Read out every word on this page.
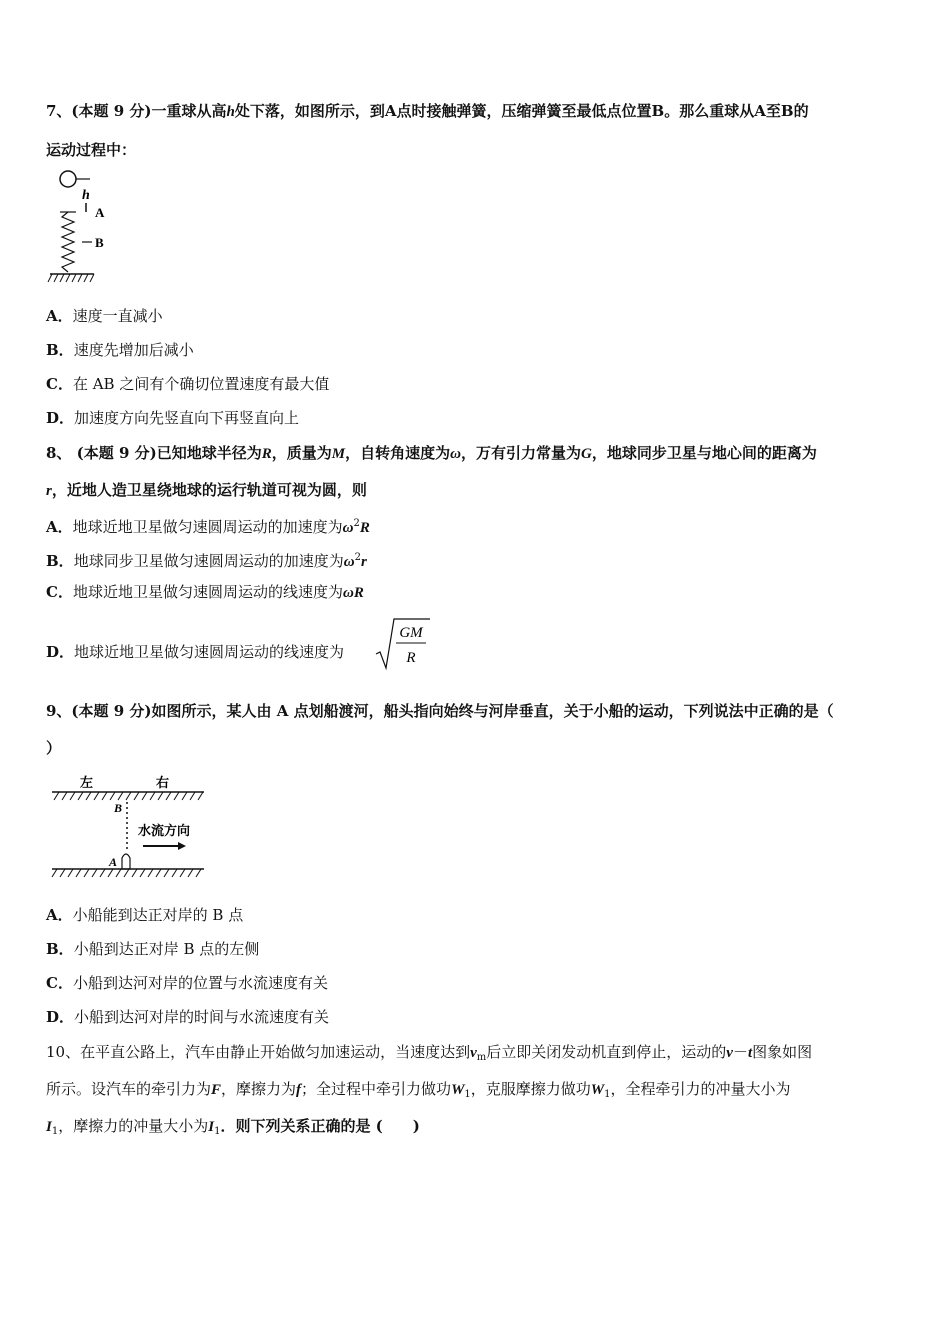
7、(本题 9 分)一重球从高h处下落，如图所示，到A点时接触弹簧，压缩弹簧至最低点位置B。那么重球从A至B的
运动过程中：
h
A
B
A．速度一直减小
B．速度先增加后减小
C．在 AB 之间有个确切位置速度有最大值
D．加速度方向先竖直向下再竖直向上
8、 (本题 9 分)已知地球半径为R，质量为M，自转角速度为ω，万有引力常量为G，地球同步卫星与地心间的距离为
r，近地人造卫星绕地球的运行轨道可视为圆，则
A．地球近地卫星做匀速圆周运动的加速度为$\omega^2R$
B．地球同步卫星做匀速圆周运动的加速度为$\omega^2r$
C．地球近地卫星做匀速圆周运动的线速度为ωR
D．地球近地卫星做匀速圆周运动的线速度为
GM
R
9、(本题 9 分)如图所示，某人由 A 点划船渡河，船头指向始终与河岸垂直，关于小船的运动，下列说法中正确的是（
）
左	右
B
水流方向
A
A．小船能到达正对岸的 B 点
B．小船到达正对岸 B 点的左侧
C．小船到达河对岸的位置与水流速度有关
D．小船到达河对岸的时间与水流速度有关
10、在平直公路上，汽车由静止开始做匀加速运动，当速度达到$v_m$后立即关闭发动机直到停止，运动的v－t图象如图
所示。设汽车的牵引力为F，摩擦力为f；全过程中牵引力做功$W_1$，克服摩擦力做功$W_1$，全程牵引力的冲量大小为
$I_1$，摩擦力的冲量大小为$I_1$．则下列关系正确的是 (　　)
